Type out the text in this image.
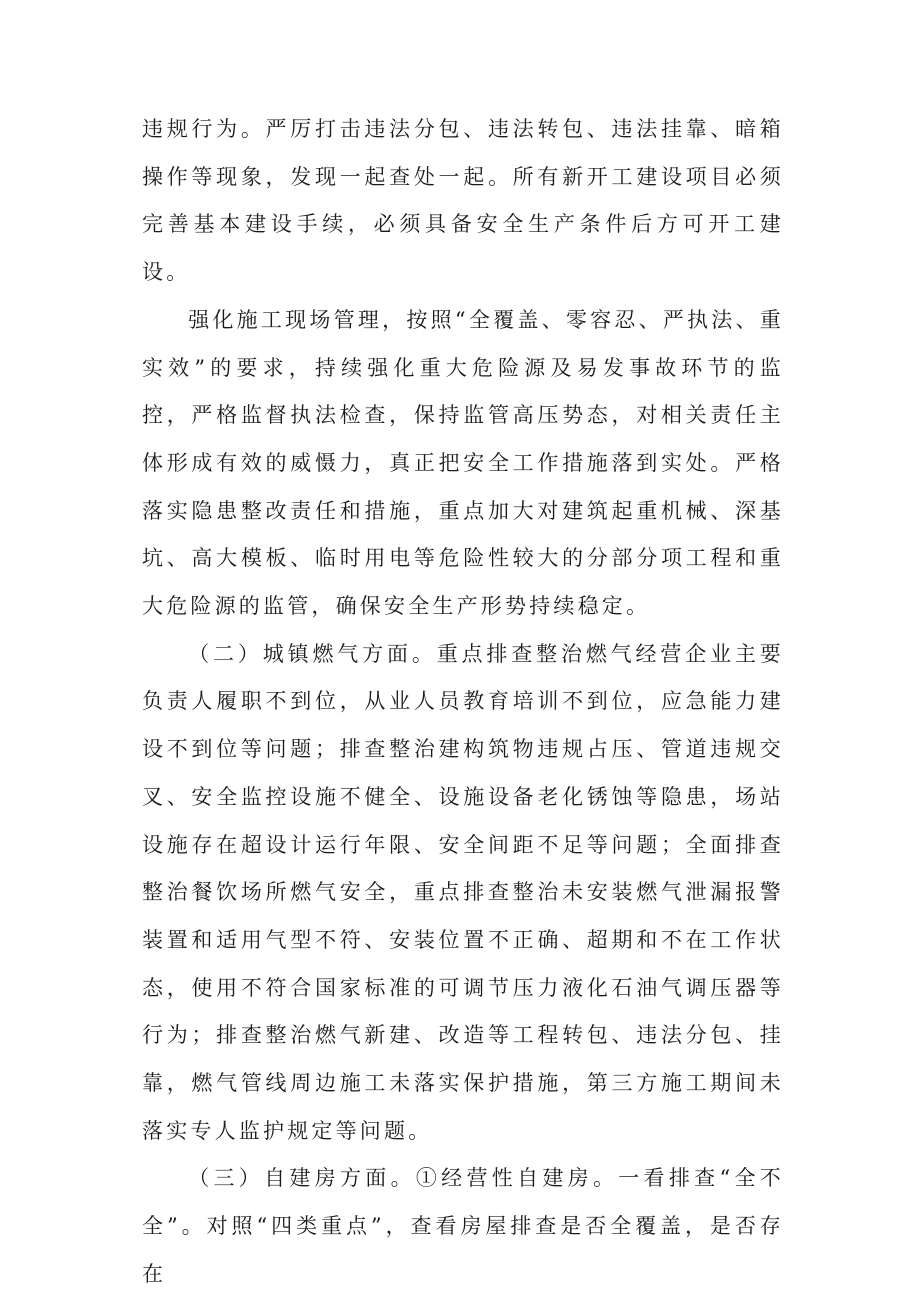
违规行为。严厉打击违法分包、违法转包、违法挂靠、暗箱操作等现象，发现一起查处一起。所有新开工建设项目必须完善基本建设手续，必须具备安全生产条件后方可开工建设。

强化施工现场管理，按照“全覆盖、零容忍、严执法、重实效”的要求，持续强化重大危险源及易发事故环节的监控，严格监督执法检查，保持监管高压势态，对相关责任主体形成有效的威慑力，真正把安全工作措施落到实处。严格落实隐患整改责任和措施，重点加大对建筑起重机械、深基坑、高大模板、临时用电等危险性较大的分部分项工程和重大危险源的监管，确保安全生产形势持续稳定。

（二）城镇燃气方面。重点排查整治燃气经营企业主要负责人履职不到位，从业人员教育培训不到位，应急能力建设不到位等问题；排查整治建构筑物违规占压、管道违规交叉、安全监控设施不健全、设施设备老化锈蚀等隐患，场站设施存在超设计运行年限、安全间距不足等问题；全面排查整治餐饮场所燃气安全，重点排查整治未安装燃气泄漏报警装置和适用气型不符、安装位置不正确、超期和不在工作状态，使用不符合国家标准的可调节压力液化石油气调压器等行为；排查整治燃气新建、改造等工程转包、违法分包、挂靠，燃气管线周边施工未落实保护措施，第三方施工期间未落实专人监护规定等问题。

（三）自建房方面。①经营性自建房。一看排查“全不全”。对照“四类重点”，查看房屋排查是否全覆盖，是否存在
